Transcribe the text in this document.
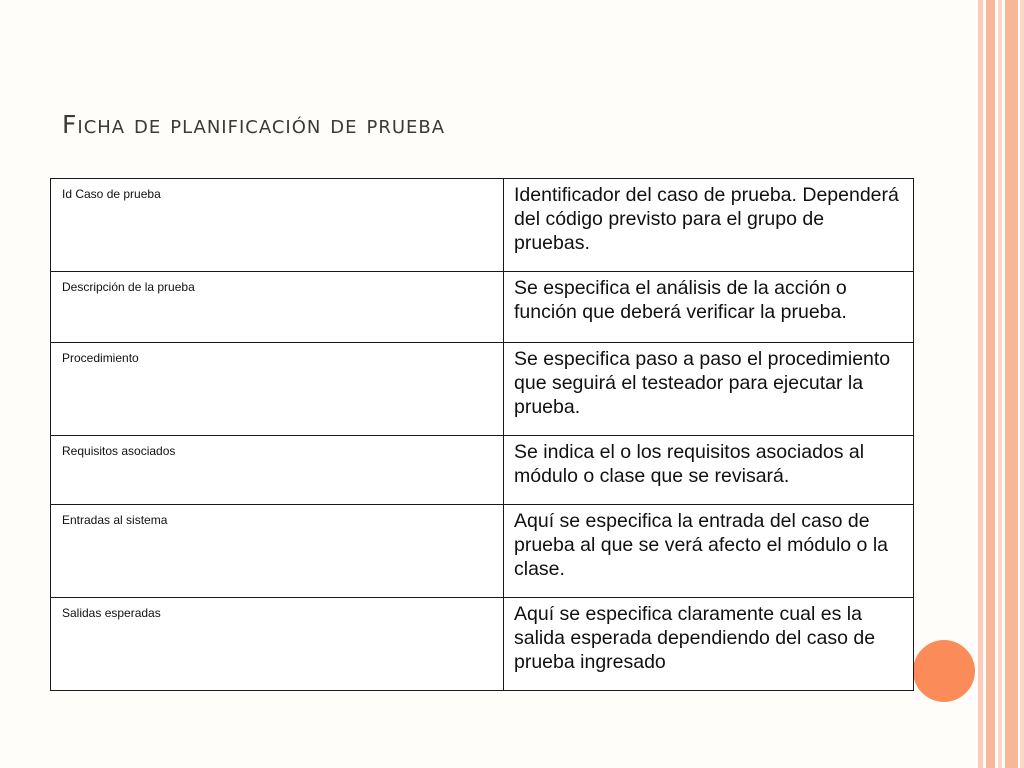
Ficha de planificación de prueba
Id Caso de prueba	Identificador del caso de prueba. Dependerá del código previsto para el grupo de pruebas.
Descripción de la prueba	Se especifica el análisis de la acción o función que deberá verificar la prueba.
Procedimiento	Se especifica paso a paso el procedimiento que seguirá el testeador para ejecutar la prueba.
Requisitos asociados	Se indica el o los requisitos asociados al módulo o clase que se revisará.
Entradas al sistema	Aquí se especifica la entrada del caso de prueba al que se verá afecto el módulo o la clase.
Salidas esperadas	Aquí se especifica claramente cual es la salida esperada dependiendo del caso de prueba ingresado
